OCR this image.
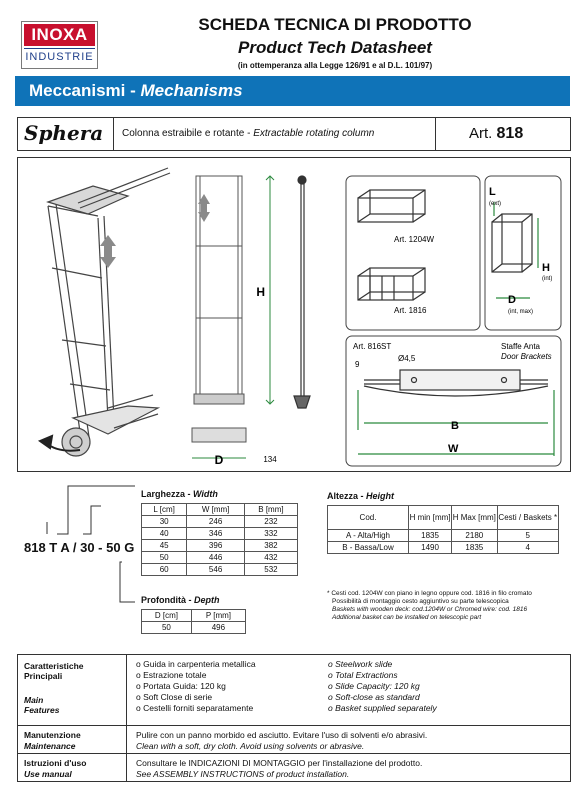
INOXA
INDUSTRIE
SCHEDA TECNICA DI PRODOTTO
Product Tech Datasheet
(in ottemperanza alla Legge 126/91 e al D.L. 101/97)
Meccanismi - Mechanisms
Sphera	Colonna estraibile e rotante - Extractable rotating column	Art. 818
H
D	134
Art. 1204W
Art. 1816
L
(ext)
H
(int)
D
(int, max)
Art. 816ST	Staffe Anta
Door Brackets
9
Ø4,5
B
W
818 T A / 30 - 50 G
Larghezza - Width
L [cm]	W [mm]	B [mm]
30	246	232
40	346	332
45	396	382
50	446	432
60	546	532
Profondità - Depth
D [cm]	P [mm]
50	496
Altezza - Height
Cod.	H min [mm]	H Max [mm]	Cesti / Baskets *
A - Alta/High	1835	2180	5
B - Bassa/Low	1490	1835	4
* Cesti cod. 1204W con piano in legno oppure cod. 1816 in filo cromato
Possibilità di montaggio cesto aggiuntivo su parte telescopica
Baskets with wooden deck: cod.1204W or Chromed wire: cod. 1816
Additional basket can be installed on telescopic part
Caratteristiche
Principali
Main
Features
o Guida in carpenteria metallica
o Estrazione totale
o Portata Guida: 120 kg
o Soft Close di serie
o Cestelli forniti separatamente
o Steelwork slide
o Total Extractions
o Slide Capacity: 120 kg
o Soft-close as standard
o Basket supplied separately
Manutenzione
Maintenance
Pulire con un panno morbido ed asciutto. Evitare l'uso di solventi e/o abrasivi.
Clean with a soft, dry cloth. Avoid using solvents or abrasive.
Istruzioni d'uso
Use manual
Consultare le INDICAZIONI DI MONTAGGIO per l'installazione del prodotto.
See ASSEMBLY INSTRUCTIONS of product installation.
